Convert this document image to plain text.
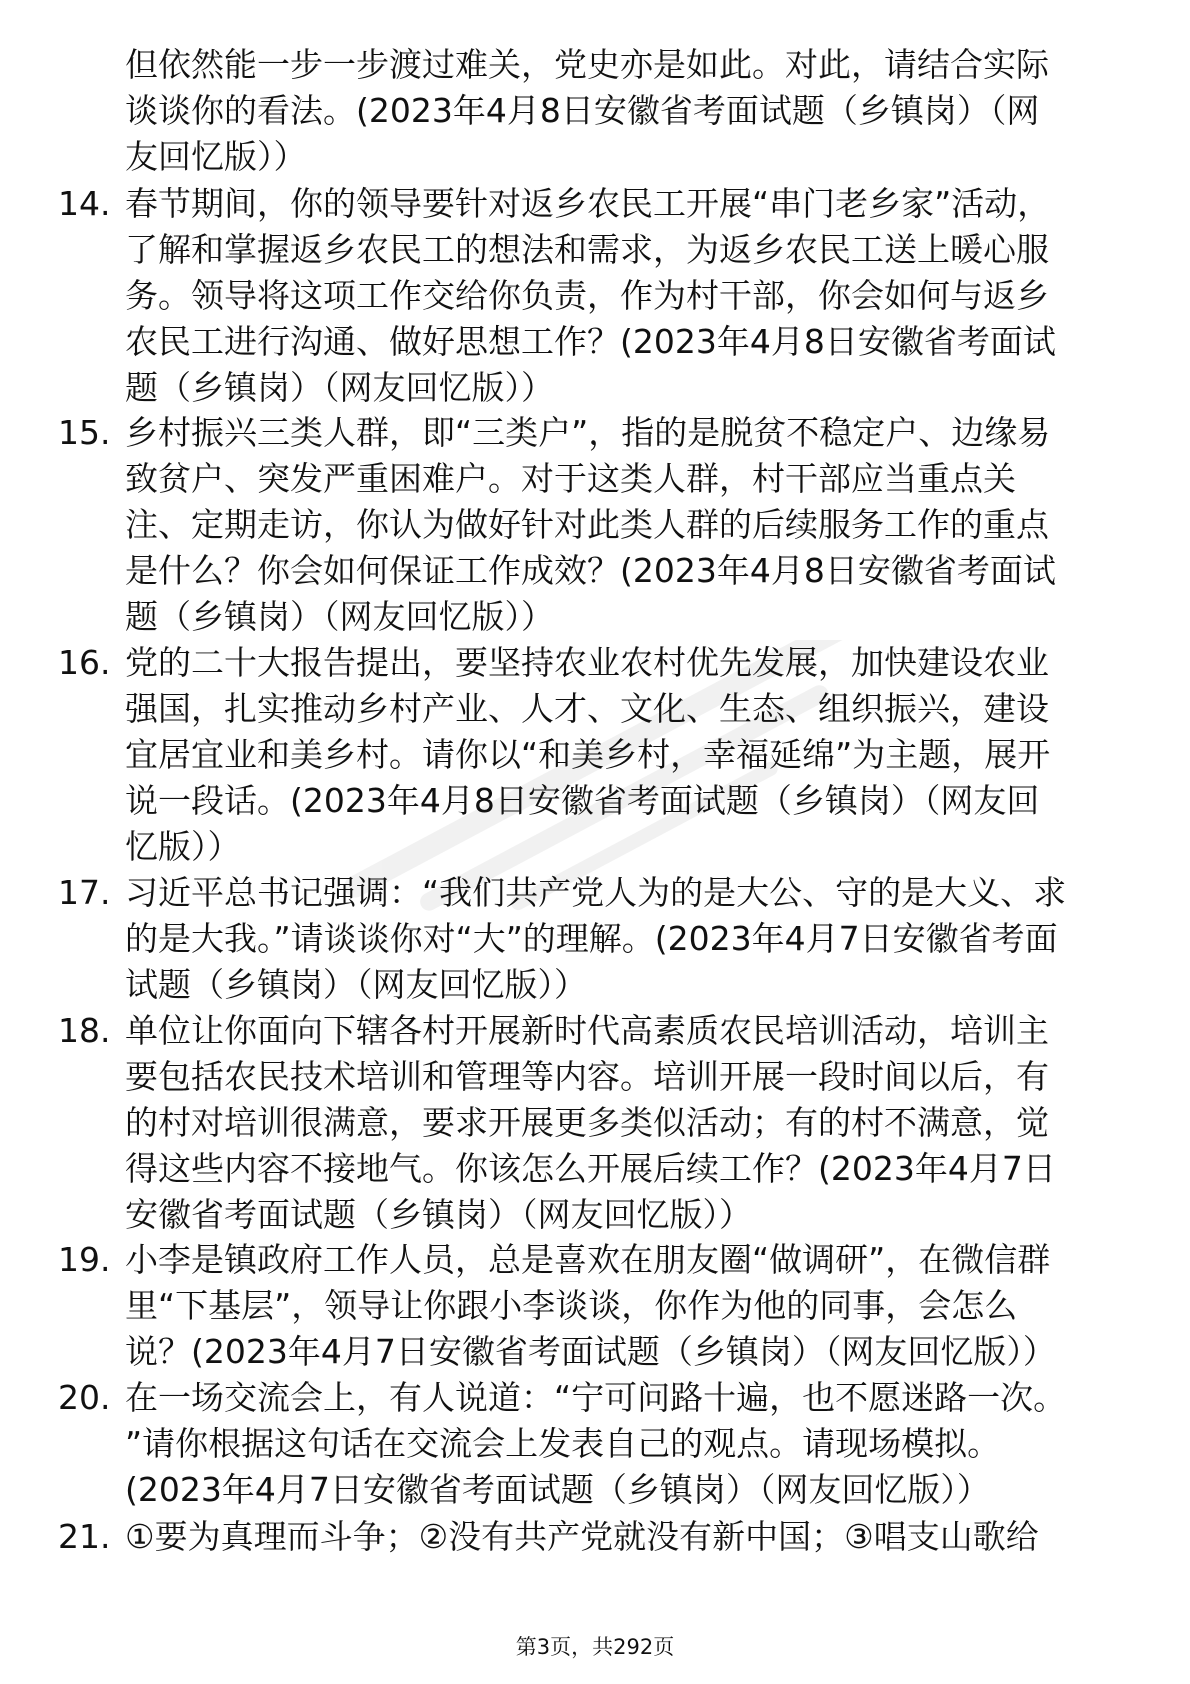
但依然能一步一步渡过难关，党史亦是如此。对此，请结合实际
谈谈你的看法。(2023年4月8日安徽省考面试题（乡镇岗）（网
友回忆版））
14. 春节期间，你的领导要针对返乡农民工开展“串门老乡家”活动，
了解和掌握返乡农民工的想法和需求，为返乡农民工送上暖心服
务。领导将这项工作交给你负责，作为村干部，你会如何与返乡
农民工进行沟通、做好思想工作？(2023年4月8日安徽省考面试
题（乡镇岗）（网友回忆版））
15. 乡村振兴三类人群，即“三类户”，指的是脱贫不稳定户、边缘易
致贫户、突发严重困难户。对于这类人群，村干部应当重点关
注、定期走访，你认为做好针对此类人群的后续服务工作的重点
是什么？你会如何保证工作成效？(2023年4月8日安徽省考面试
题（乡镇岗）（网友回忆版））
16. 党的二十大报告提出，要坚持农业农村优先发展，加快建设农业
强国，扎实推动乡村产业、人才、文化、生态、组织振兴，建设
宜居宜业和美乡村。请你以“和美乡村，幸福延绵”为主题，展开
说一段话。(2023年4月8日安徽省考面试题（乡镇岗）（网友回
忆版））
17. 习近平总书记强调：“我们共产党人为的是大公、守的是大义、求
的是大我。”请谈谈你对“大”的理解。(2023年4月7日安徽省考面
试题（乡镇岗）（网友回忆版））
18. 单位让你面向下辖各村开展新时代高素质农民培训活动，培训主
要包括农民技术培训和管理等内容。培训开展一段时间以后，有
的村对培训很满意，要求开展更多类似活动；有的村不满意，觉
得这些内容不接地气。你该怎么开展后续工作？(2023年4月7日
安徽省考面试题（乡镇岗）（网友回忆版））
19. 小李是镇政府工作人员，总是喜欢在朋友圈“做调研”，在微信群
里“下基层”，领导让你跟小李谈谈，你作为他的同事，会怎么
说？(2023年4月7日安徽省考面试题（乡镇岗）（网友回忆版））
20. 在一场交流会上，有人说道：“宁可问路十遍，也不愿迷路一次。
”请你根据这句话在交流会上发表自己的观点。请现场模拟。
(2023年4月7日安徽省考面试题（乡镇岗）（网友回忆版））
21. ①要为真理而斗争；②没有共产党就没有新中国；③唱支山歌给
第3页，共292页
